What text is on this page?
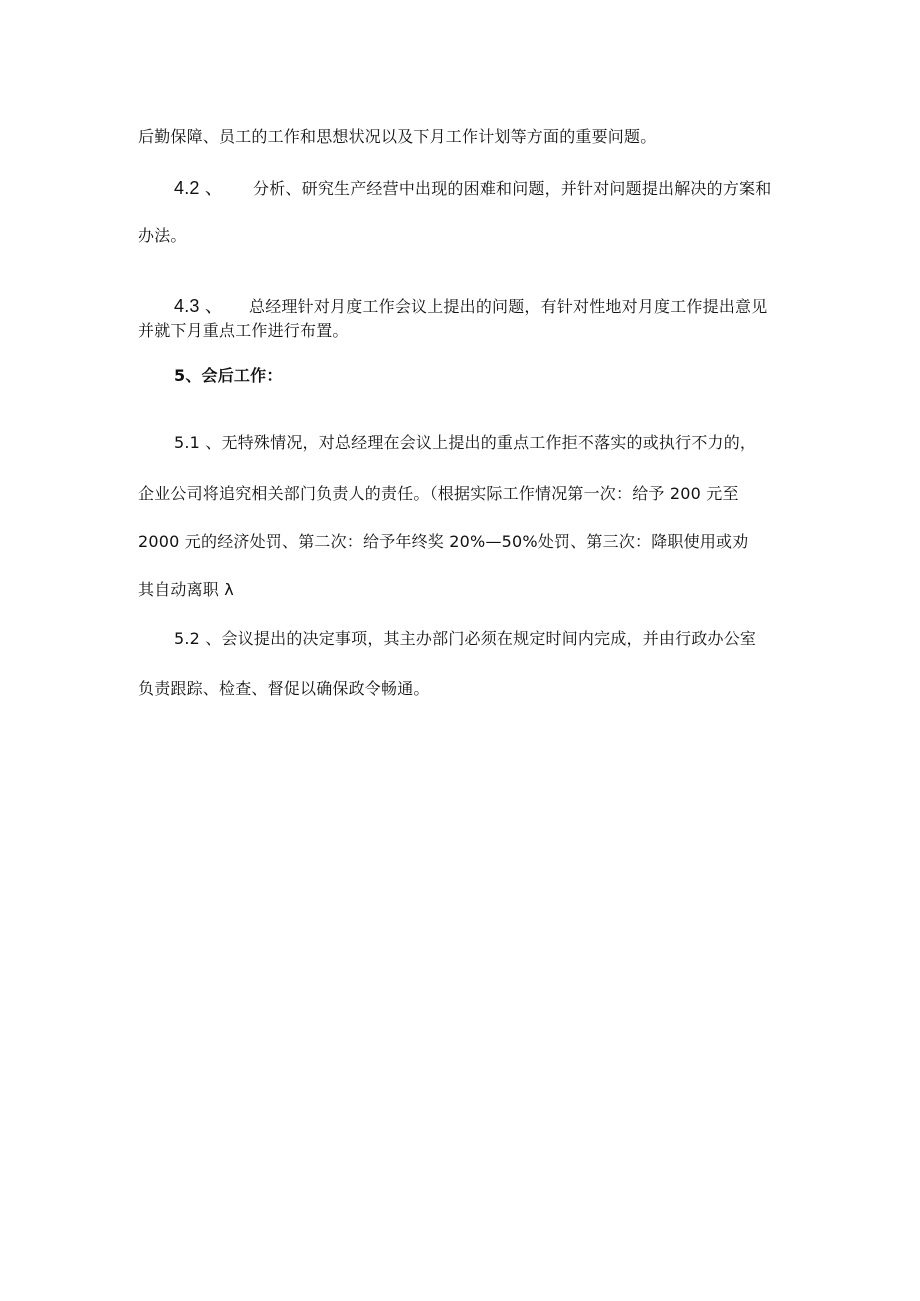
后勤保障、员工的工作和思想状况以及下月工作计划等方面的重要问题。
4.2 、 分析、研究生产经营中出现的困难和问题，并针对问题提出解决的方案和
办法。
4.3 、 总经理针对月度工作会议上提出的问题，有针对性地对月度工作提出意见
并就下月重点工作进行布置。
5、会后工作：
5.1 、无特殊情况，对总经理在会议上提出的重点工作拒不落实的或执行不力的，
企业公司将追究相关部门负责人的责任。（根据实际工作情况第一次：给予 200 元至
2000 元的经济处罚、第二次：给予年终奖 20%—50%处罚、第三次：降职使用或劝
其自动离职 λ
5.2 、会议提出的决定事项，其主办部门必须在规定时间内完成，并由行政办公室
负责跟踪、检查、督促以确保政令畅通。
